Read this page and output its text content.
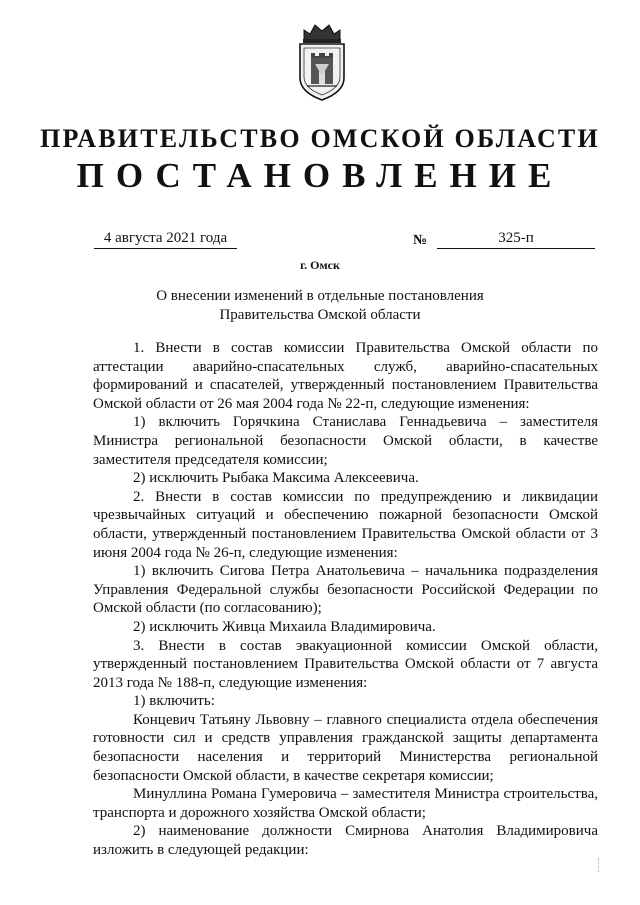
ПРАВИТЕЛЬСТВО ОМСКОЙ ОБЛАСТИ
ПОСТАНОВЛЕНИЕ
4 августа 2021 года	№	325-п
г. Омск
О внесении изменений в отдельные постановления
Правительства Омской области

1. Внести в состав комиссии Правительства Омской области по аттестации аварийно-спасательных служб, аварийно-спасательных формирований и спасателей, утвержденный постановлением Правительства Омской области от 26 мая 2004 года № 22-п, следующие изменения:

1) включить Горячкина Станислава Геннадьевича – заместителя Министра региональной безопасности Омской области, в качестве заместителя председателя комиссии;

2) исключить Рыбака Максима Алексеевича.

2. Внести в состав комиссии по предупреждению и ликвидации чрезвычайных ситуаций и обеспечению пожарной безопасности Омской области, утвержденный постановлением Правительства Омской области от 3 июня 2004 года № 26-п, следующие изменения:

1) включить Сигова Петра Анатольевича – начальника подразделения Управления Федеральной службы безопасности Российской Федерации по Омской области (по согласованию);

2) исключить Живца Михаила Владимировича.

3. Внести в состав эвакуационной комиссии Омской области, утвержденный постановлением Правительства Омской области от 7 августа 2013 года № 188-п, следующие изменения:

1) включить:

Концевич Татьяну Львовну – главного специалиста отдела обеспечения готовности сил и средств управления гражданской защиты департамента безопасности населения и территорий Министерства региональной безопасности Омской области, в качестве секретаря комиссии;

Минуллина Романа Гумеровича – заместителя Министра строительства, транспорта и дорожного хозяйства Омской области;

2) наименование должности Смирнова Анатолия Владимировича изложить в следующей редакции:
